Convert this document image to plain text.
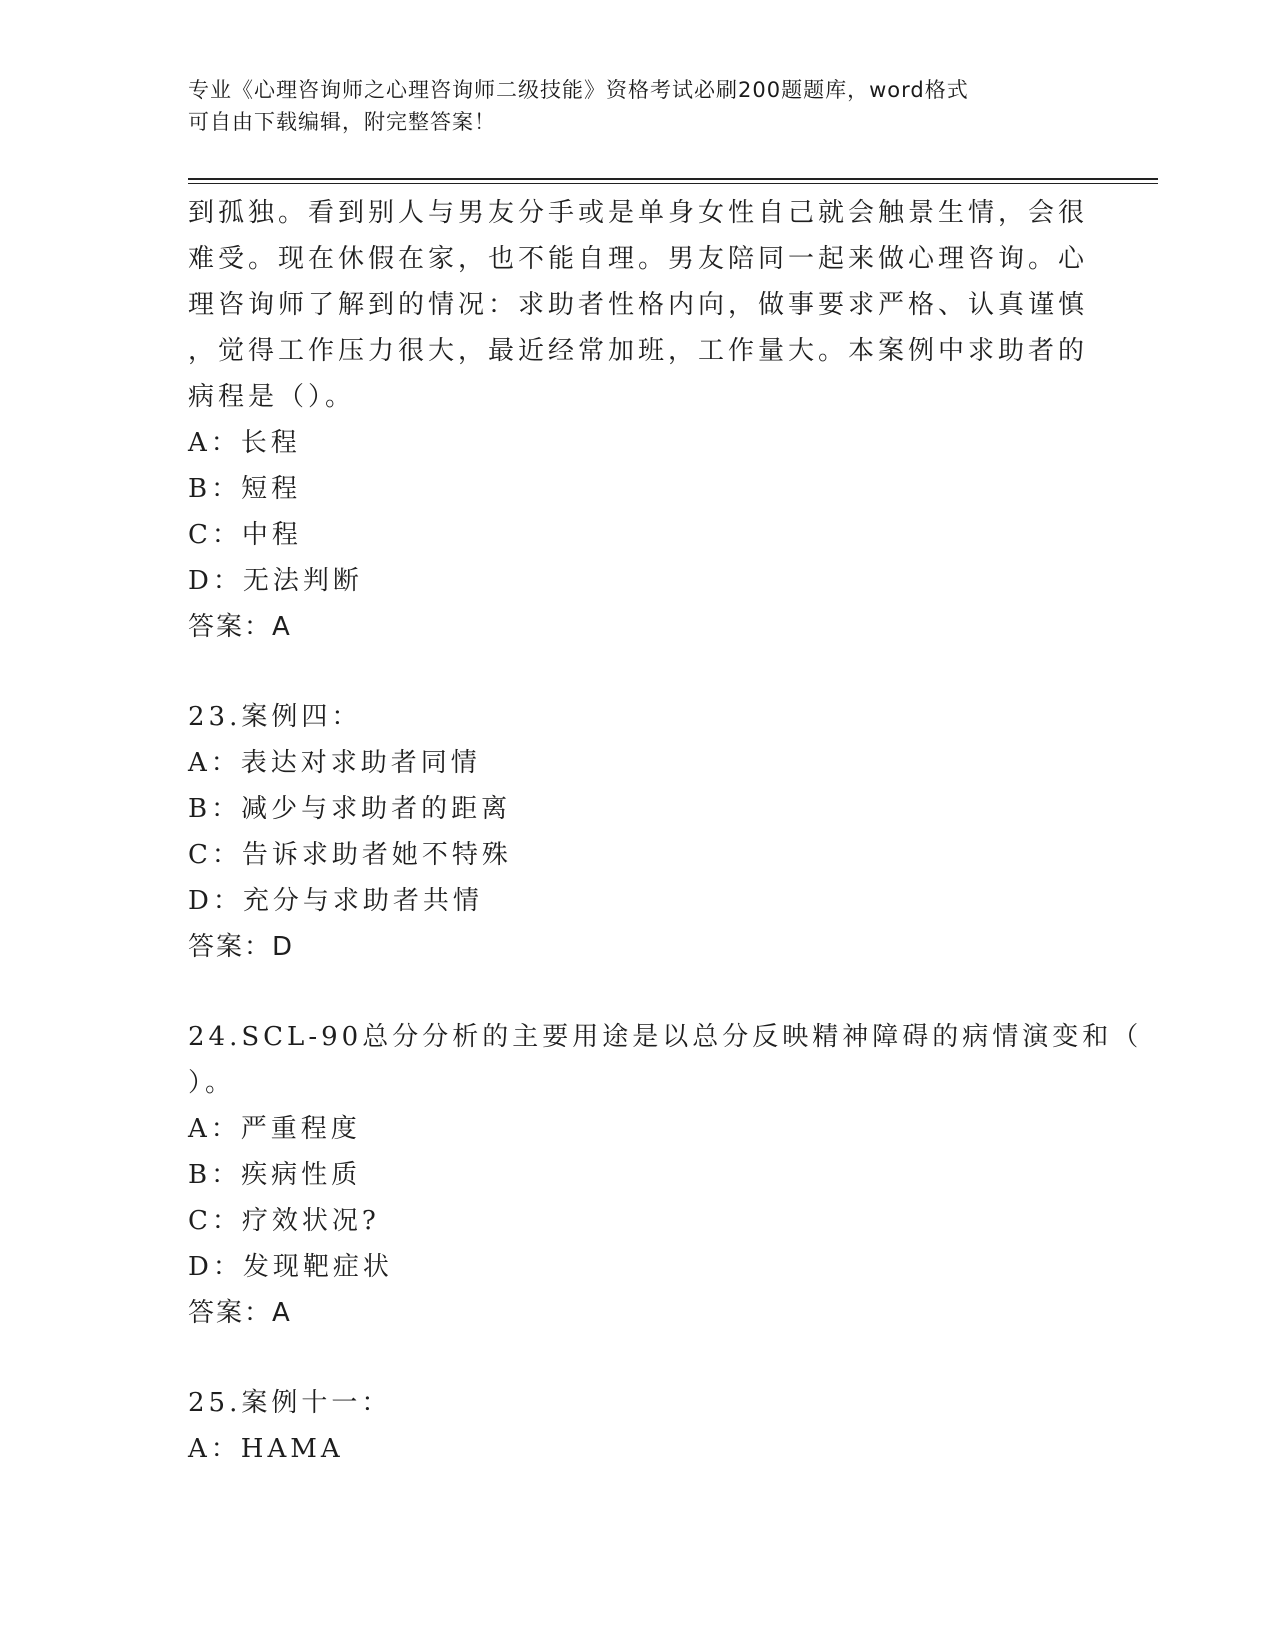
专业《心理咨询师之心理咨询师二级技能》资格考试必刷200题题库，word格式
可自由下载编辑，附完整答案！
到孤独。看到别人与男友分手或是单身女性自己就会触景生情，会很
难受。现在休假在家，也不能自理。男友陪同一起来做心理咨询。心
理咨询师了解到的情况：求助者性格内向，做事要求严格、认真谨慎
，觉得工作压力很大，最近经常加班，工作量大。本案例中求助者的
病程是（）。
A：长程
B：短程
C：中程
D：无法判断
答案：A
23.案例四：
A：表达对求助者同情
B：减少与求助者的距离
C：告诉求助者她不特殊
D：充分与求助者共情
答案：D
24.SCL-90总分分析的主要用途是以总分反映精神障碍的病情演变和（
）。
A：严重程度
B：疾病性质
C：疗效状况?
D：发现靶症状
答案：A
25.案例十一：
A：HAMA
